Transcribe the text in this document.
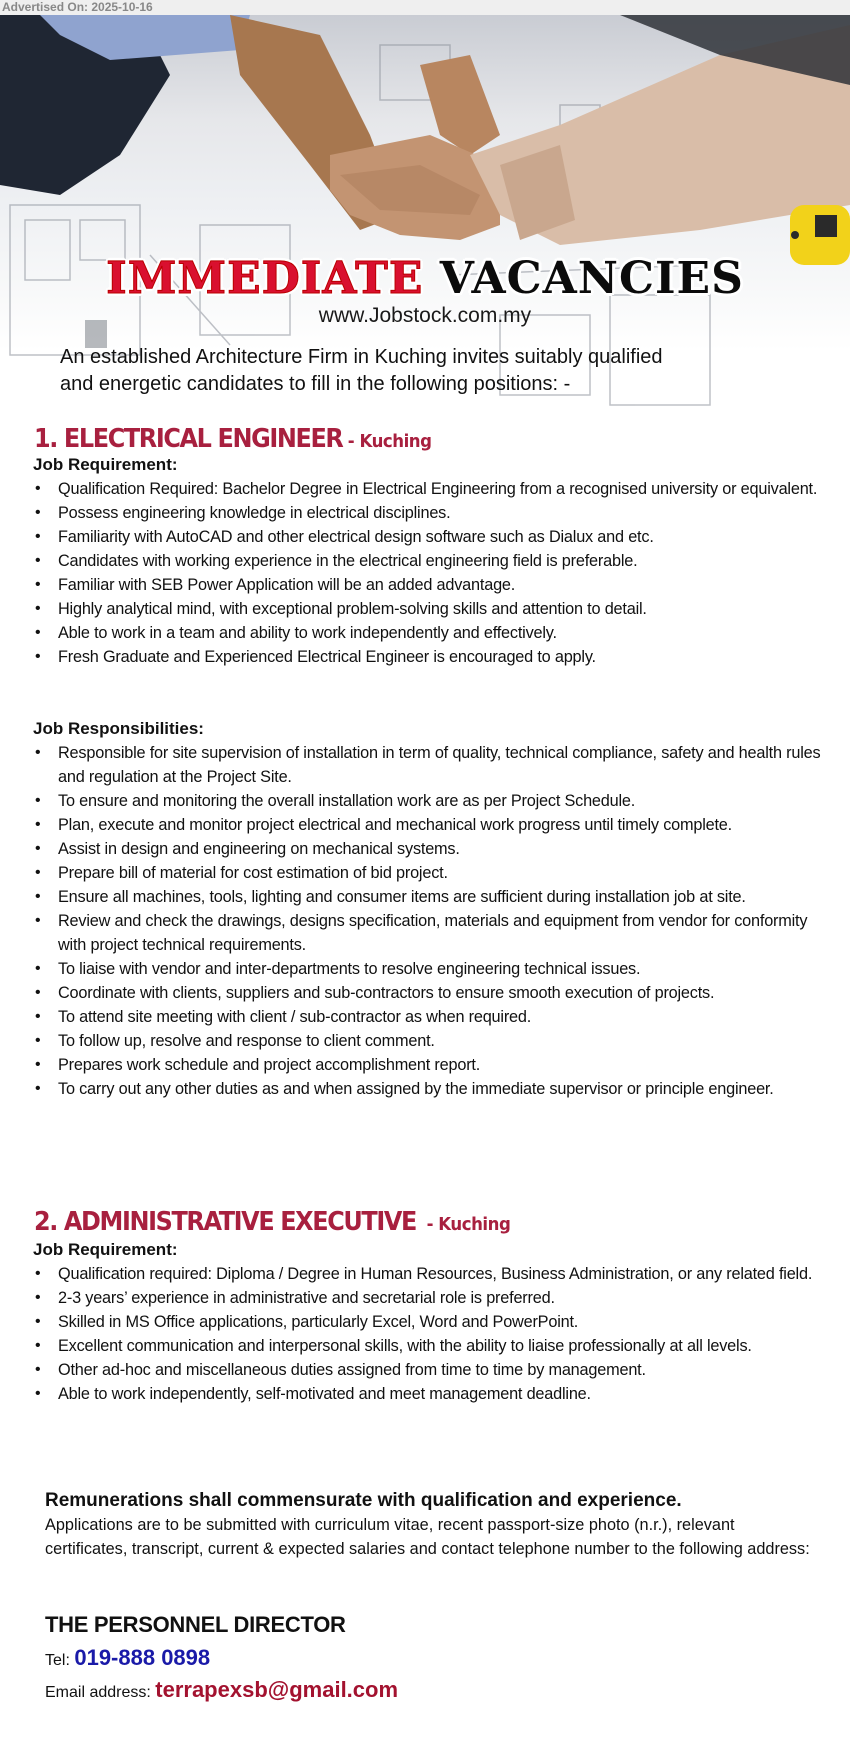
Advertised On: 2025-10-16
IMMEDIATE VACANCIES
www.Jobstock.com.my
An established Architecture Firm in Kuching invites suitably qualified
and energetic candidates to fill in the following positions: -
1. ELECTRICAL ENGINEER - Kuching
Job Requirement:
• Qualification Required: Bachelor Degree in Electrical Engineering from a recognised university or equivalent.
• Possess engineering knowledge in electrical disciplines.
• Familiarity with AutoCAD and other electrical design software such as Dialux and etc.
• Candidates with working experience in the electrical engineering field is preferable.
• Familiar with SEB Power Application will be an added advantage.
• Highly analytical mind, with exceptional problem-solving skills and attention to detail.
• Able to work in a team and ability to work independently and effectively.
• Fresh Graduate and Experienced Electrical Engineer is encouraged to apply.
Job Responsibilities:
• Responsible for site supervision of installation in term of quality, technical compliance, safety and health rules and regulation at the Project Site.
• To ensure and monitoring the overall installation work are as per Project Schedule.
• Plan, execute and monitor project electrical and mechanical work progress until timely complete.
• Assist in design and engineering on mechanical systems.
• Prepare bill of material for cost estimation of bid project.
• Ensure all machines, tools, lighting and consumer items are sufficient during installation job at site.
• Review and check the drawings, designs specification, materials and equipment from vendor for conformity with project technical requirements.
• To liaise with vendor and inter-departments to resolve engineering technical issues.
• Coordinate with clients, suppliers and sub-contractors to ensure smooth execution of projects.
• To attend site meeting with client / sub-contractor as when required.
• To follow up, resolve and response to client comment.
• Prepares work schedule and project accomplishment report.
• To carry out any other duties as and when assigned by the immediate supervisor or principle engineer.
2. ADMINISTRATIVE EXECUTIVE  - Kuching
Job Requirement:
• Qualification required: Diploma / Degree in Human Resources, Business Administration, or any related field.
• 2-3 years’ experience in administrative and secretarial role is preferred.
• Skilled in MS Office applications, particularly Excel, Word and PowerPoint.
• Excellent communication and interpersonal skills, with the ability to liaise professionally at all levels.
• Other ad-hoc and miscellaneous duties assigned from time to time by management.
• Able to work independently, self-motivated and meet management deadline.
Remunerations shall commensurate with qualification and experience.
Applications are to be submitted with curriculum vitae, recent passport-size photo (n.r.), relevant certificates, transcript, current & expected salaries and contact telephone number to the following address:
THE PERSONNEL DIRECTOR
Tel: 019-888 0898
Email address: terrapexsb@gmail.com
